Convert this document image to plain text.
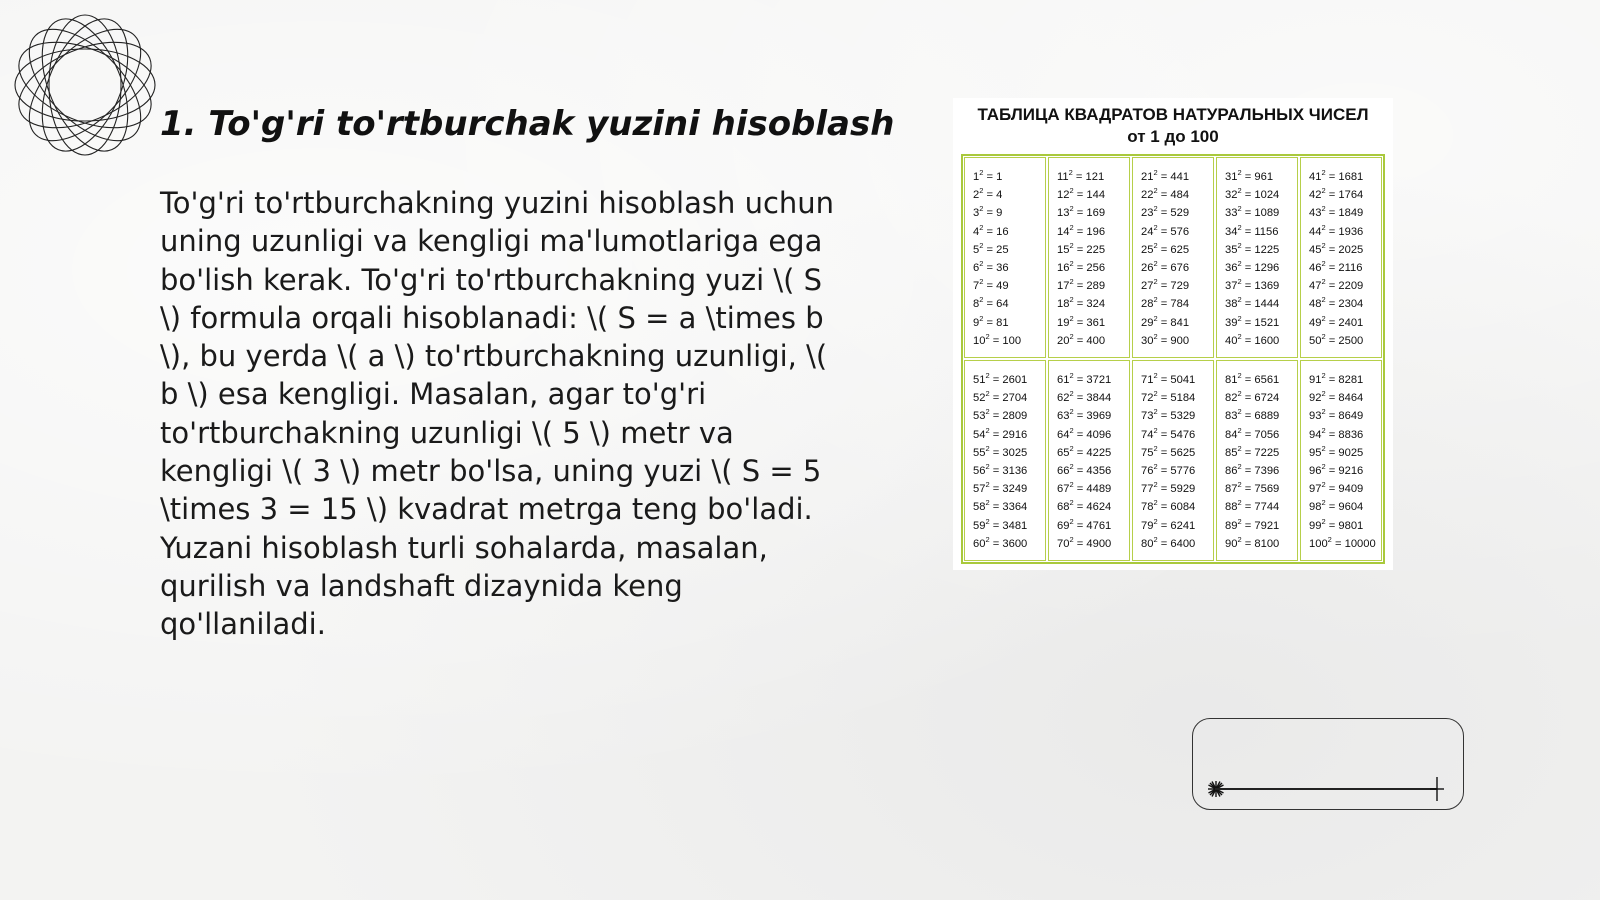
1. To'g'ri to'rtburchak yuzini hisoblash

To'g'ri to'rtburchakning yuzini hisoblash uchun uning uzunligi va kengligi ma'lumotlariga ega bo'lish kerak. To'g'ri to'rtburchakning yuzi \( S \) formula orqali hisoblanadi: \( S = a \times b \), bu yerda \( a \) to'rtburchakning uzunligi, \( b \) esa kengligi. Masalan, agar to'g'ri to'rtburchakning uzunligi \( 5 \) metr va kengligi \( 3 \) metr bo'lsa, uning yuzi \( S = 5 \times 3 = 15 \) kvadrat metrga teng bo'ladi. Yuzani hisoblash turli sohalarda, masalan, qurilish va landshaft dizaynida keng qo'llaniladi.

ТАБЛИЦА КВАДРАТОВ НАТУРАЛЬНЫХ ЧИСЕЛ
от 1 до 100
$1^2 = 1$
$2^2 = 4$
$3^2 = 9$
$4^2 = 16$
$5^2 = 25$
$6^2 = 36$
$7^2 = 49$
$8^2 = 64$
$9^2 = 81$
$10^2 = 100$
$11^2 = 121$
$12^2 = 144$
$13^2 = 169$
$14^2 = 196$
$15^2 = 225$
$16^2 = 256$
$17^2 = 289$
$18^2 = 324$
$19^2 = 361$
$20^2 = 400$
$21^2 = 441$
$22^2 = 484$
$23^2 = 529$
$24^2 = 576$
$25^2 = 625$
$26^2 = 676$
$27^2 = 729$
$28^2 = 784$
$29^2 = 841$
$30^2 = 900$
$31^2 = 961$
$32^2 = 1024$
$33^2 = 1089$
$34^2 = 1156$
$35^2 = 1225$
$36^2 = 1296$
$37^2 = 1369$
$38^2 = 1444$
$39^2 = 1521$
$40^2 = 1600$
$41^2 = 1681$
$42^2 = 1764$
$43^2 = 1849$
$44^2 = 1936$
$45^2 = 2025$
$46^2 = 2116$
$47^2 = 2209$
$48^2 = 2304$
$49^2 = 2401$
$50^2 = 2500$
$51^2 = 2601$
$52^2 = 2704$
$53^2 = 2809$
$54^2 = 2916$
$55^2 = 3025$
$56^2 = 3136$
$57^2 = 3249$
$58^2 = 3364$
$59^2 = 3481$
$60^2 = 3600$
$61^2 = 3721$
$62^2 = 3844$
$63^2 = 3969$
$64^2 = 4096$
$65^2 = 4225$
$66^2 = 4356$
$67^2 = 4489$
$68^2 = 4624$
$69^2 = 4761$
$70^2 = 4900$
$71^2 = 5041$
$72^2 = 5184$
$73^2 = 5329$
$74^2 = 5476$
$75^2 = 5625$
$76^2 = 5776$
$77^2 = 5929$
$78^2 = 6084$
$79^2 = 6241$
$80^2 = 6400$
$81^2 = 6561$
$82^2 = 6724$
$83^2 = 6889$
$84^2 = 7056$
$85^2 = 7225$
$86^2 = 7396$
$87^2 = 7569$
$88^2 = 7744$
$89^2 = 7921$
$90^2 = 8100$
$91^2 = 8281$
$92^2 = 8464$
$93^2 = 8649$
$94^2 = 8836$
$95^2 = 9025$
$96^2 = 9216$
$97^2 = 9409$
$98^2 = 9604$
$99^2 = 9801$
$100^2 = 10000$
